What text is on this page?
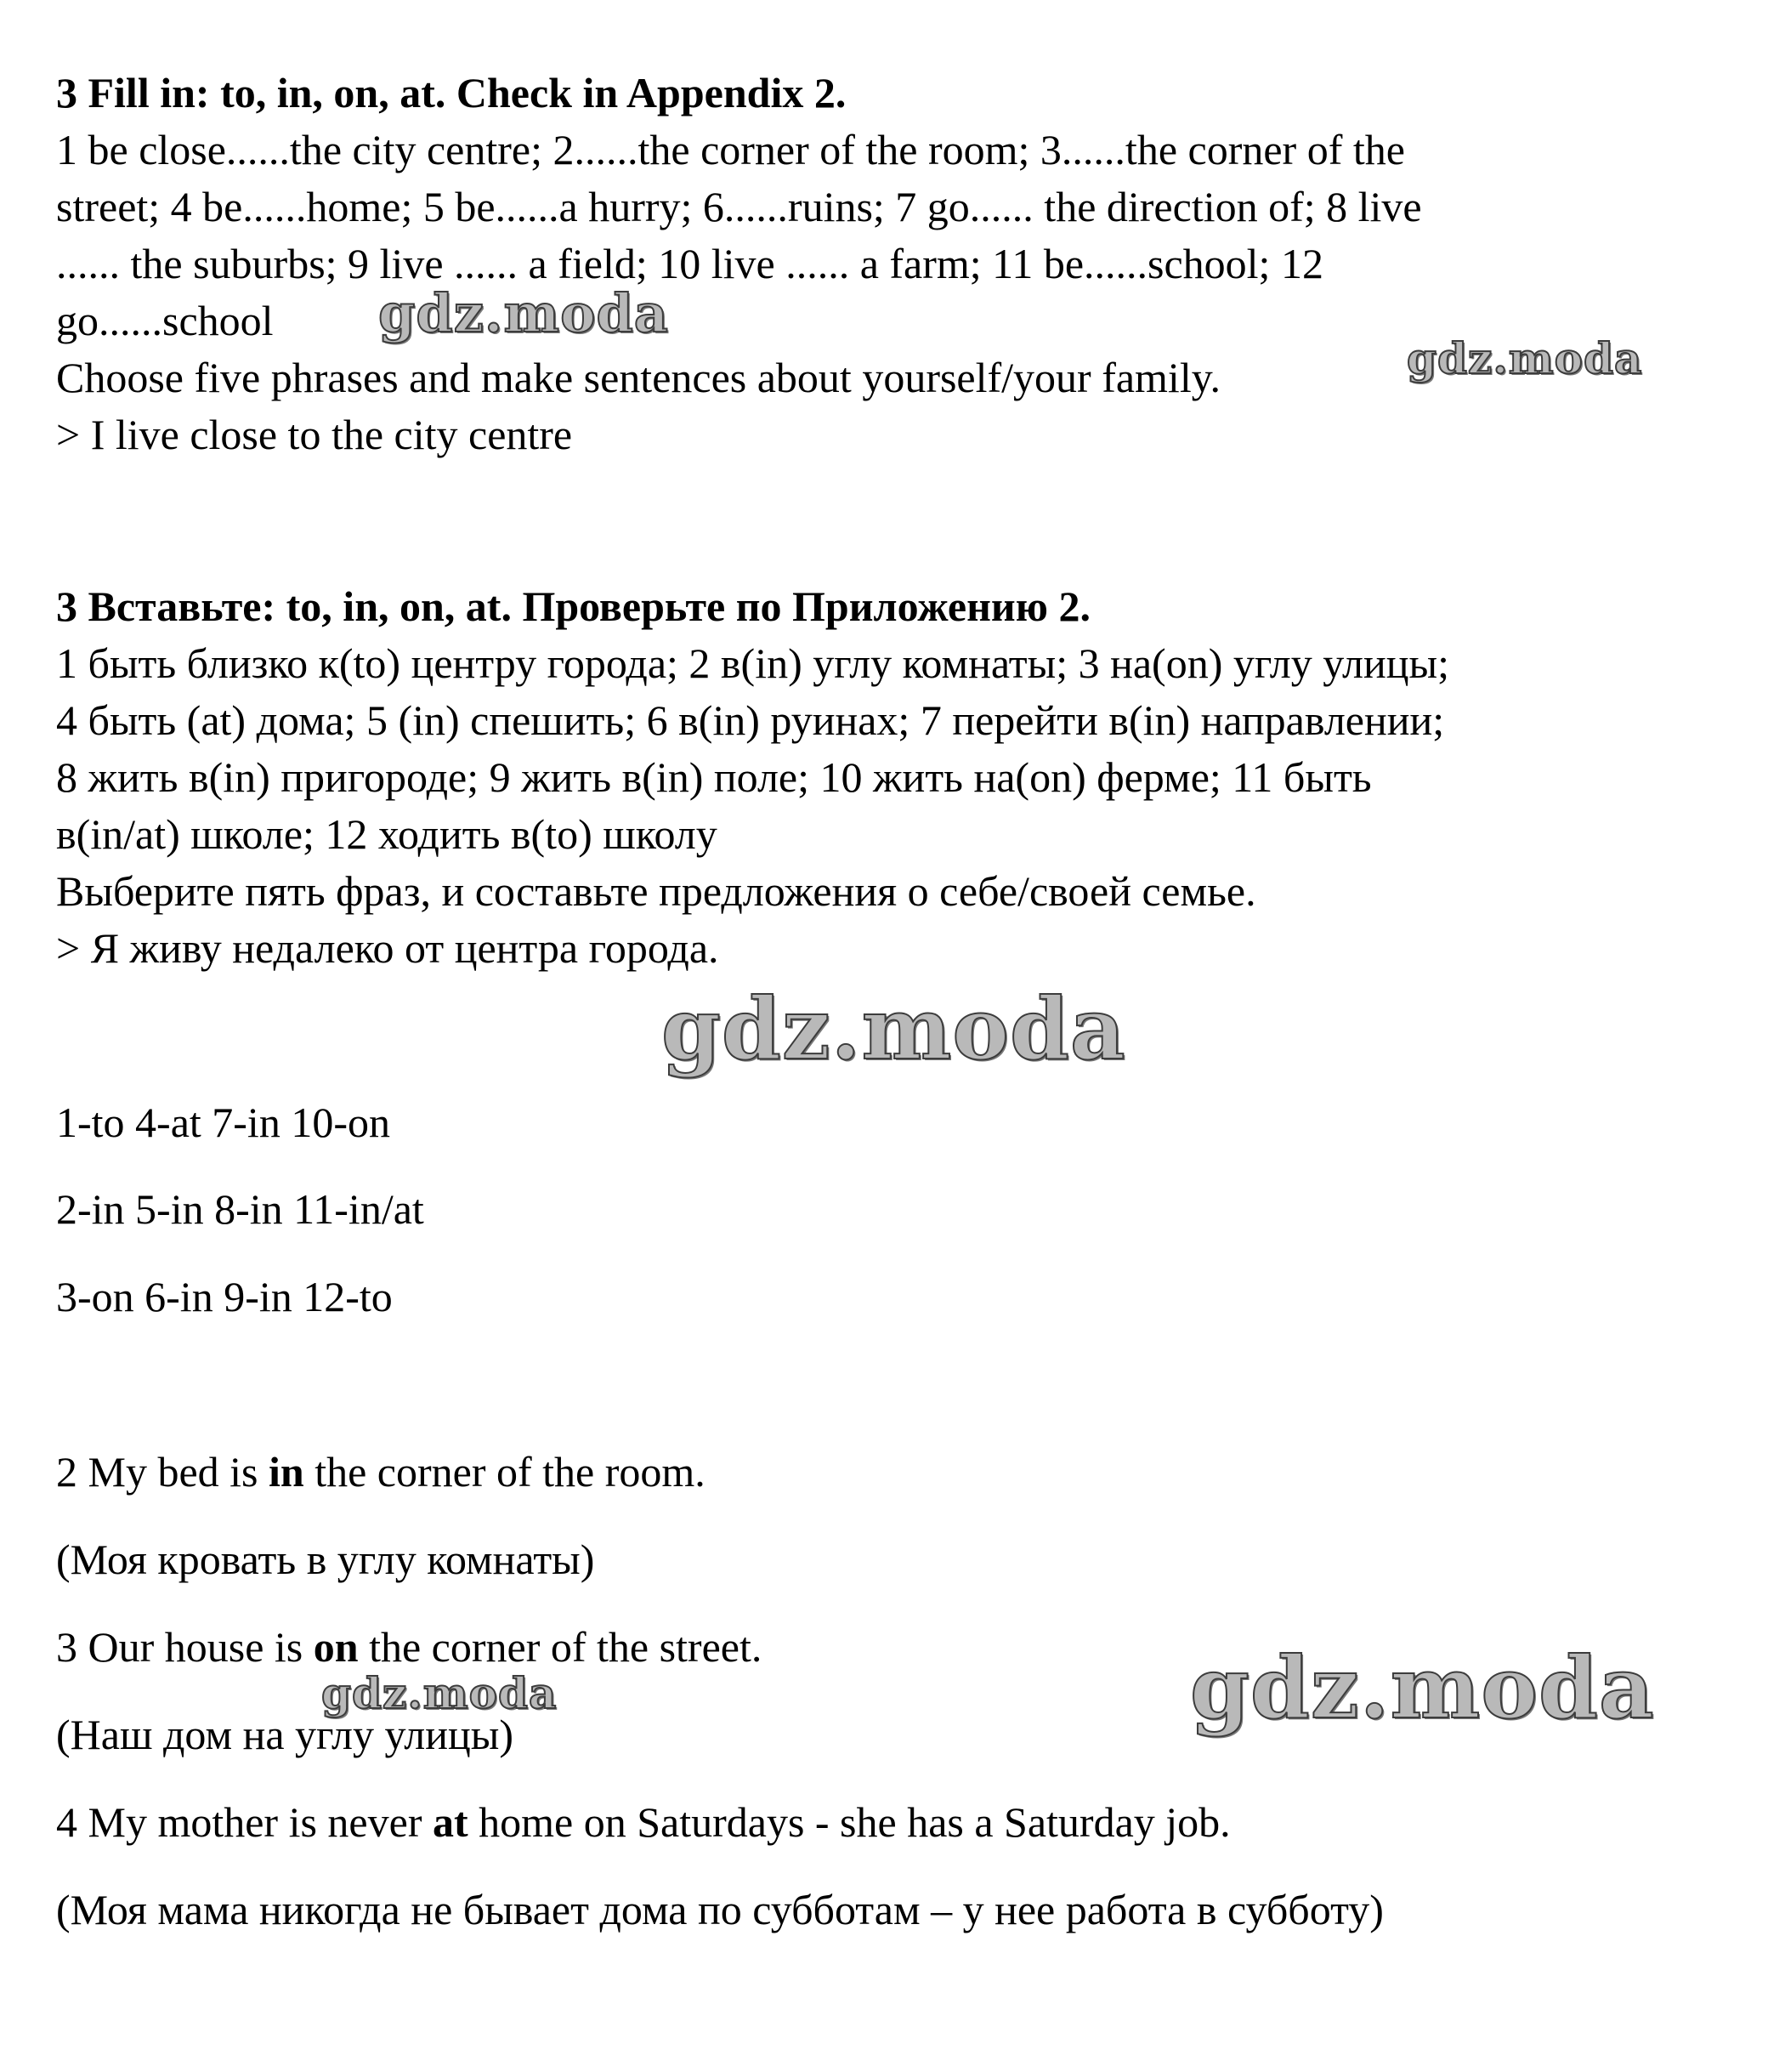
3 Fill in: to, in, on, at. Check in Appendix 2.
1 be close......the city centre; 2......the corner of the room; 3......the corner of the
street; 4 be......home; 5 be......a hurry; 6......ruins; 7 go...... the direction of; 8 live
...... the suburbs; 9 live ...... a field; 10 live ...... a farm; 11 be......school; 12
go......school
Choose five phrases and make sentences about yourself/your family.
> I live close to the city centre
3 Вставьте: to, in, on, at. Проверьте по Приложению 2.
1 быть близко к(to) центру города; 2 в(in) углу комнаты; 3 на(on) углу улицы;
4 быть (at) дома; 5 (in) спешить; 6 в(in) руинах; 7 перейти в(in) направлении;
8 жить в(in) пригороде; 9 жить в(in) поле; 10 жить на(on) ферме; 11 быть
в(in/at) школе; 12 ходить в(to) школу
Выберите пять фраз, и составьте предложения о себе/своей семье.
> Я живу недалеко от центра города.
1-to 4-at 7-in 10-on
2-in 5-in 8-in 11-in/at
3-on 6-in 9-in 12-to
2 My bed is in the corner of the room.
(Моя кровать в углу комнаты)
3 Our house is on the corner of the street.
(Наш дом на углу улицы)
4 My mother is never at home on Saturdays - she has a Saturday job.
(Моя мама никогда не бывает дома по субботам – у нее работа в субботу)
gdz.moda
gdz.moda
gdz.moda
gdz.moda	gdz.moda
